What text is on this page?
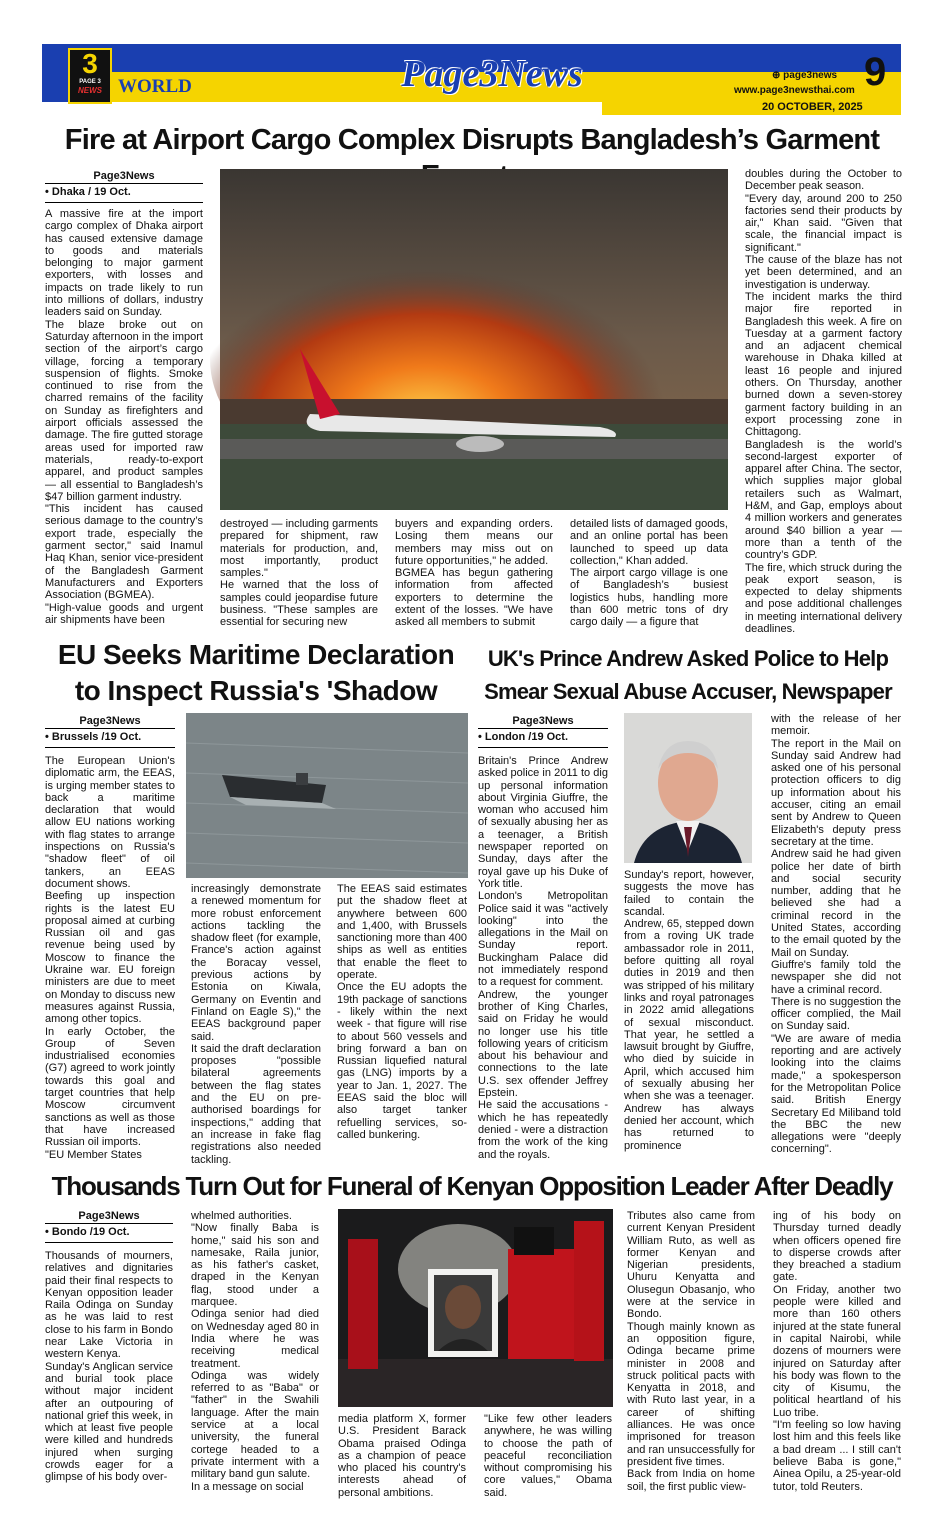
3
PAGE 3
NEWS WORLD	Page3News	⊕ page3news
www.page3newsthai.com 9
20 OCTOBER, 2025
Fire at Airport Cargo Complex Disrupts Bangladesh’s Garment
Page3News
• Dhaka / 19 Oct.
A massive fire at the import cargo complex of Dhaka airport has caused extensive damage to goods and materials belonging to major garment exporters, with losses and impacts on trade likely to run into millions of dollars, industry leaders said on Sunday.
The blaze broke out on Saturday afternoon in the import section of the airport’s cargo village, forcing a temporary suspension of flights. Smoke continued to rise from the charred remains of the facility on Sunday as firefighters and airport officials assessed the damage. The fire gutted storage areas used for imported raw materials, ready-to-export apparel, and product samples — all essential to Bangladesh’s $47 billion garment industry.
"This incident has caused serious damage to the country’s export trade, especially the garment sector," said Inamul Haq Khan, senior vice-president of the Bangladesh Garment Manufacturers and Exporters Association (BGMEA).
"High-value goods and urgent air shipments have been
destroyed — including garments prepared for shipment, raw materials for production, and, most importantly, product samples."
He warned that the loss of samples could jeopardise future business. "These samples are essential for securing new
buyers and expanding orders. Losing them means our members may miss out on future opportunities," he added.
BGMEA has begun gathering information from affected exporters to determine the extent of the losses. "We have asked all members to submit
detailed lists of damaged goods, and an online portal has been launched to speed up data collection," Khan added.
The airport cargo village is one of Bangladesh’s busiest logistics hubs, handling more than 600 metric tons of dry cargo daily — a figure that
doubles during the October to December peak season.
"Every day, around 200 to 250 factories send their products by air," Khan said. "Given that scale, the financial impact is significant."
The cause of the blaze has not yet been determined, and an investigation is underway.
The incident marks the third major fire reported in Bangladesh this week. A fire on Tuesday at a garment factory and an adjacent chemical warehouse in Dhaka killed at least 16 people and injured others. On Thursday, another burned down a seven-storey garment factory building in an export processing zone in Chittagong.
Bangladesh is the world’s second-largest exporter of apparel after China. The sector, which supplies major global retailers such as Walmart, H&M, and Gap, employs about 4 million workers and generates around $40 billion a year — more than a tenth of the country’s GDP.
The fire, which struck during the peak export season, is expected to delay shipments and pose additional challenges in meeting international delivery deadlines.
EU Seeks Maritime Declaration
to Inspect Russia's 'Shadow
Page3News
• Brussels /19 Oct.
The European Union's diplomatic arm, the EEAS, is urging member states to back a maritime declaration that would allow EU nations working with flag states to arrange inspections on Russia's "shadow fleet" of oil tankers, an EEAS document shows.
Beefing up inspection rights is the latest EU proposal aimed at curbing Russian oil and gas revenue being used by Moscow to finance the Ukraine war. EU foreign ministers are due to meet on Monday to discuss new measures against Russia, among other topics.
In early October, the Group of Seven industrialised economies (G7) agreed to work jointly towards this goal and target countries that help Moscow circumvent sanctions as well as those that have increased Russian oil imports.
"EU Member States
increasingly demonstrate a renewed momentum for more robust enforcement actions tackling the shadow fleet (for example, France's action against the Boracay vessel, previous actions by Estonia on Kiwala, Germany on Eventin and Finland on Eagle S)," the EEAS background paper said.
It said the draft declaration proposes "possible bilateral agreements between the flag states and the EU on pre-authorised boardings for inspections," adding that an increase in fake flag registrations also needed tackling.
The EEAS said estimates put the shadow fleet at anywhere between 600 and 1,400, with Brussels sanctioning more than 400 ships as well as entities that enable the fleet to operate.
Once the EU adopts the 19th package of sanctions - likely within the next week - that figure will rise to about 560 vessels and bring forward a ban on Russian liquefied natural gas (LNG) imports by a year to Jan. 1, 2027. The EEAS said the bloc will also target tanker refuelling services, so-called bunkering.
UK's Prince Andrew Asked Police to Help
Smear Sexual Abuse Accuser, Newspaper
Page3News
• London /19 Oct.
Britain's Prince Andrew asked police in 2011 to dig up personal information about Virginia Giuffre, the woman who accused him of sexually abusing her as a teenager, a British newspaper reported on Sunday, days after the royal gave up his Duke of York title.
London's Metropolitan Police said it was "actively looking" into the allegations in the Mail on Sunday report. Buckingham Palace did not immediately respond to a request for comment.
Andrew, the younger brother of King Charles, said on Friday he would no longer use his title following years of criticism about his behaviour and connections to the late U.S. sex offender Jeffrey Epstein.
He said the accusations - which he has repeatedly denied - were a distraction from the work of the king and the royals.
Sunday's report, however, suggests the move has failed to contain the scandal.
Andrew, 65, stepped down from a roving UK trade ambassador role in 2011, before quitting all royal duties in 2019 and then was stripped of his military links and royal patronages in 2022 amid allegations of sexual misconduct. That year, he settled a lawsuit brought by Giuffre, who died by suicide in April, which accused him of sexually abusing her when she was a teenager. Andrew has always denied her account, which has returned to prominence
with the release of her memoir.
The report in the Mail on Sunday said Andrew had asked one of his personal protection officers to dig up information about his accuser, citing an email sent by Andrew to Queen Elizabeth's deputy press secretary at the time.
Andrew said he had given police her date of birth and social security number, adding that he believed she had a criminal record in the United States, according to the email quoted by the Mail on Sunday.
Giuffre's family told the newspaper she did not have a criminal record.
There is no suggestion the officer complied, the Mail on Sunday said.
"We are aware of media reporting and are actively looking into the claims made," a spokesperson for the Metropolitan Police said. British Energy Secretary Ed Miliband told the BBC the new allegations were "deeply concerning".
Thousands Turn Out for Funeral of Kenyan Opposition Leader After Deadly
Page3News
• Bondo /19 Oct.
Thousands of mourners, relatives and dignitaries paid their final respects to Kenyan opposition leader Raila Odinga on Sunday as he was laid to rest close to his farm in Bondo near Lake Victoria in western Kenya.
Sunday's Anglican service and burial took place without major incident after an outpouring of national grief this week, in which at least five people were killed and hundreds injured when surging crowds eager for a glimpse of his body over-
whelmed authorities.
"Now finally Baba is home," said his son and namesake, Raila junior, as his father's casket, draped in the Kenyan flag, stood under a marquee.
Odinga senior had died on Wednesday aged 80 in India where he was receiving medical treatment.
Odinga was widely referred to as "Baba" or "father" in the Swahili language. After the main service at a local university, the funeral cortege headed to a private interment with a military band gun salute.
In a message on social
media platform X, former U.S. President Barack Obama praised Odinga as a champion of peace who placed his country's interests ahead of personal ambitions.
"Like few other leaders anywhere, he was willing to choose the path of peaceful reconciliation without compromising his core values," Obama said.
Tributes also came from current Kenyan President William Ruto, as well as former Kenyan and Nigerian presidents, Uhuru Kenyatta and Olusegun Obasanjo, who were at the service in Bondo.
Though mainly known as an opposition figure, Odinga became prime minister in 2008 and struck political pacts with Kenyatta in 2018, and with Ruto last year, in a career of shifting alliances. He was once imprisoned for treason and ran unsuccessfully for president five times.
Back from India on home soil, the first public view-
ing of his body on Thursday turned deadly when officers opened fire to disperse crowds after they breached a stadium gate.
On Friday, another two people were killed and more than 160 others injured at the state funeral in capital Nairobi, while dozens of mourners were injured on Saturday after his body was flown to the city of Kisumu, the political heartland of his Luo tribe.
"I'm feeling so low having lost him and this feels like a bad dream ... I still can't believe Baba is gone," Ainea Opilu, a 25-year-old tutor, told Reuters.
